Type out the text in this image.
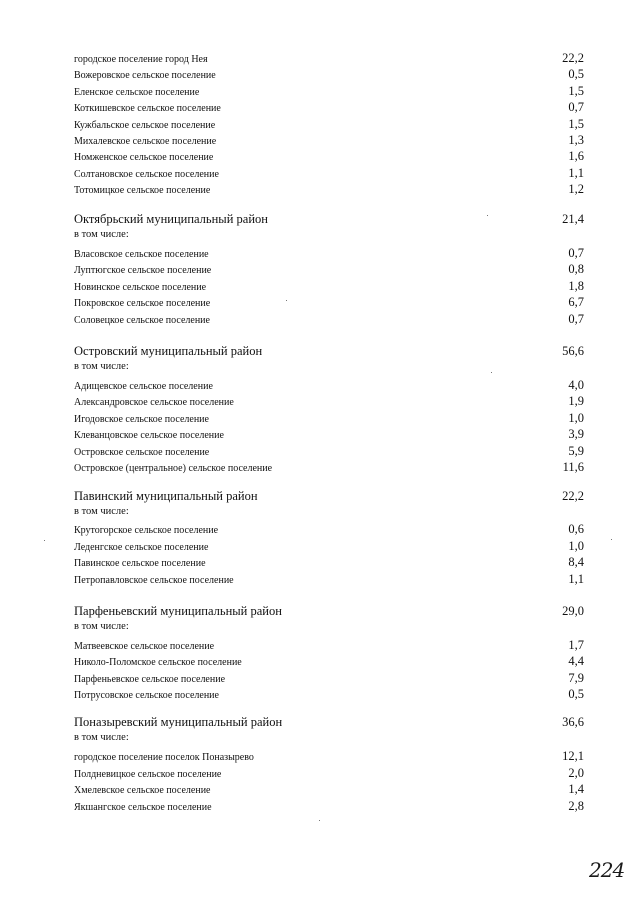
городское поселение город Нея	22,2
Вожеровское сельское поселение	0,5
Еленское сельское поселение	1,5
Коткишевское сельское поселение	0,7
Кужбальское сельское поселение	1,5
Михалевское сельское поселение	1,3
Номженское сельское поселение	1,6
Солтановское сельское поселение	1,1
Тотомицкое сельское поселение	1,2
Октябрьский муниципальный район	21,4
в том числе:
Власовское сельское поселение	0,7
Луптюгское сельское поселение	0,8
Новинское сельское поселение	1,8
Покровское сельское поселение	6,7
Соловецкое сельское поселение	0,7
Островский муниципальный район	56,6
в том числе:
Адищевское сельское поселение	4,0
Александровское сельское поселение	1,9
Игодовское сельское поселение	1,0
Клеванцовское сельское поселение	3,9
Островское сельское поселение	5,9
Островское (центральное) сельское поселение	11,6
Павинский муниципальный район	22,2
в том числе:
Крутогорское сельское поселение	0,6
Леденгское сельское поселение	1,0
Павинское сельское поселение	8,4
Петропавловское сельское поселение	1,1
Парфеньевский муниципальный район	29,0
в том числе:
Матвеевское сельское поселение	1,7
Николо-Поломское сельское поселение	4,4
Парфеньевское сельское поселение	7,9
Потрусовское сельское поселение	0,5
Поназыревский муниципальный район	36,6
в том числе:
городское поселение поселок Поназырево	12,1
Полдневицкое сельское поселение	2,0
Хмелевское сельское поселение	1,4
Якшангское сельское поселение	2,8
224
